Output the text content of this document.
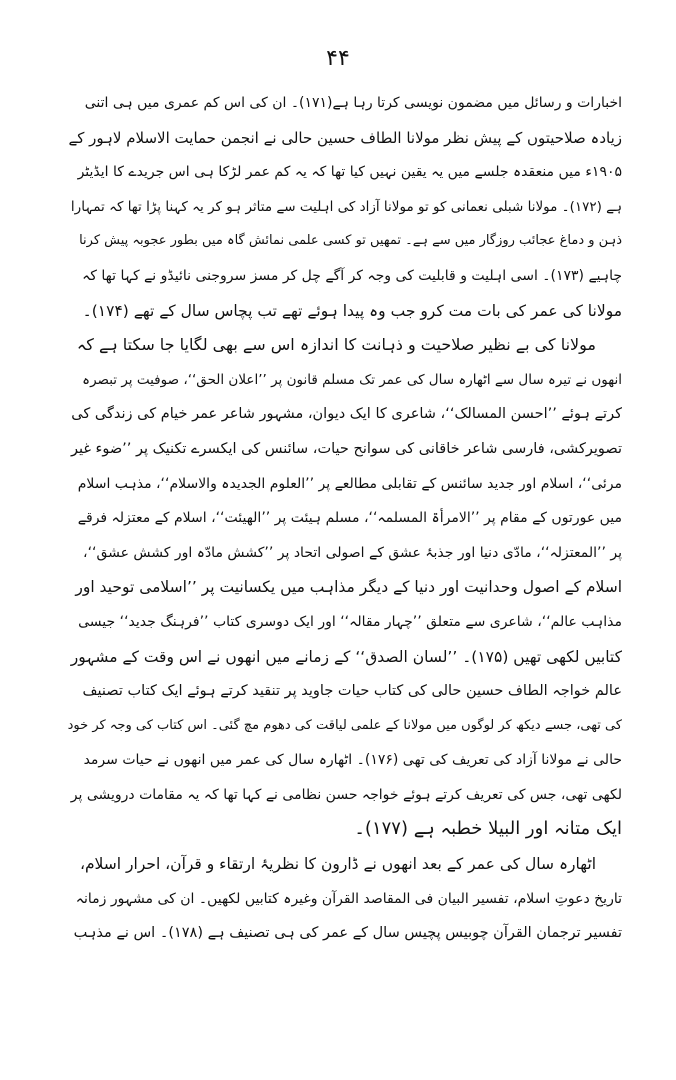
۴۴
اخبارات و رسائل میں مضمون نویسی کرتا رہا ہے(۱۷۱)۔ ان کی اس کم عمری میں ہی اتنی
زیادہ صلاحیتوں کے پیش نظر مولانا الطاف حسین حالی نے انجمن حمایت الاسلام لاہور کے
۱۹۰۵ء میں منعقدہ جلسے میں یہ یقین نہیں کیا تھا کہ یہ کم عمر لڑکا ہی اس جریدے کا ایڈیٹر
ہے (۱۷۲)۔ مولانا شبلی نعمانی کو تو مولانا آزاد کی اہلیت سے متاثر ہو کر یہ کہنا پڑا تھا کہ تمہارا
ذہن و دماغ عجائب روزگار میں سے ہے۔ تمھیں تو کسی علمی نمائش گاہ میں بطور عجوبہ پیش کرنا
چاہیے (۱۷۳)۔ اسی اہلیت و قابلیت کی وجہ کر آگے چل کر مسز سروجنی نائیڈو نے کہا تھا کہ
مولانا کی عمر کی بات مت کرو جب وہ پیدا ہوئے تھے تب پچاس سال کے تھے (۱۷۴)۔
مولانا کی بے نظیر صلاحیت و ذہانت کا اندازہ اس سے بھی لگایا جا سکتا ہے کہ
انھوں نے تیرہ سال سے اٹھارہ سال کی عمر تک مسلم قانون پر ’’اعلان الحق‘‘، صوفیت پر تبصرہ
کرتے ہوئے ’’احسن المسالک‘‘، شاعری کا ایک دیوان، مشہور شاعر عمر خیام کی زندگی کی
تصویرکشی، فارسی شاعر خاقانی کی سوانح حیات، سائنس کی ایکسرے تکنیک پر ’’ضوء غیر
مرئی‘‘، اسلام اور جدید سائنس کے تقابلی مطالعے پر ’’العلوم الجدیدہ والاسلام‘‘، مذہب اسلام
میں عورتوں کے مقام پر ’’الامرأۃ المسلمہ‘‘، مسلم ہیئت پر ’’الھیئت‘‘، اسلام کے معتزلہ فرقے
پر ’’المعتزلہ‘‘، مادّی دنیا اور جذبۂ عشق کے اصولی اتحاد پر ’’کشش مادّہ اور کشش عشق‘‘،
اسلام کے اصول وحدانیت اور دنیا کے دیگر مذاہب میں یکسانیت پر ’’اسلامی توحید اور
مذاہب عالم‘‘، شاعری سے متعلق ’’چہار مقالہ‘‘ اور ایک دوسری کتاب ’’فرہنگ جدید‘‘ جیسی
کتابیں لکھی تھیں (۱۷۵)۔ ’’لسان الصدق‘‘ کے زمانے میں انھوں نے اس وقت کے مشہور
عالم خواجہ الطاف حسین حالی کی کتاب حیات جاوید پر تنقید کرتے ہوئے ایک کتاب تصنیف
کی تھی، جسے دیکھ کر لوگوں میں مولانا کے علمی لیاقت کی دھوم مچ گئی۔ اس کتاب کی وجہ کر خود
حالی نے مولانا آزاد کی تعریف کی تھی (۱۷۶)۔ اٹھارہ سال کی عمر میں انھوں نے حیات سرمد
لکھی تھی، جس کی تعریف کرتے ہوئے خواجہ حسن نظامی نے کہا تھا کہ یہ مقامات درویشی پر
ایک متانہ اور البیلا خطبہ ہے (۱۷۷)۔
اٹھارہ سال کی عمر کے بعد انھوں نے ڈارون کا نظریۂ ارتقاء و قرآن، احرار اسلام،
تاریخ دعوتِ اسلام، تفسیر البیان فی المقاصد القرآن وغیرہ کتابیں لکھیں۔ ان کی مشہور زمانہ
تفسیر ترجمان القرآن چوبیس پچیس سال کے عمر کی ہی تصنیف ہے (۱۷۸)۔ اس نے مذہب
